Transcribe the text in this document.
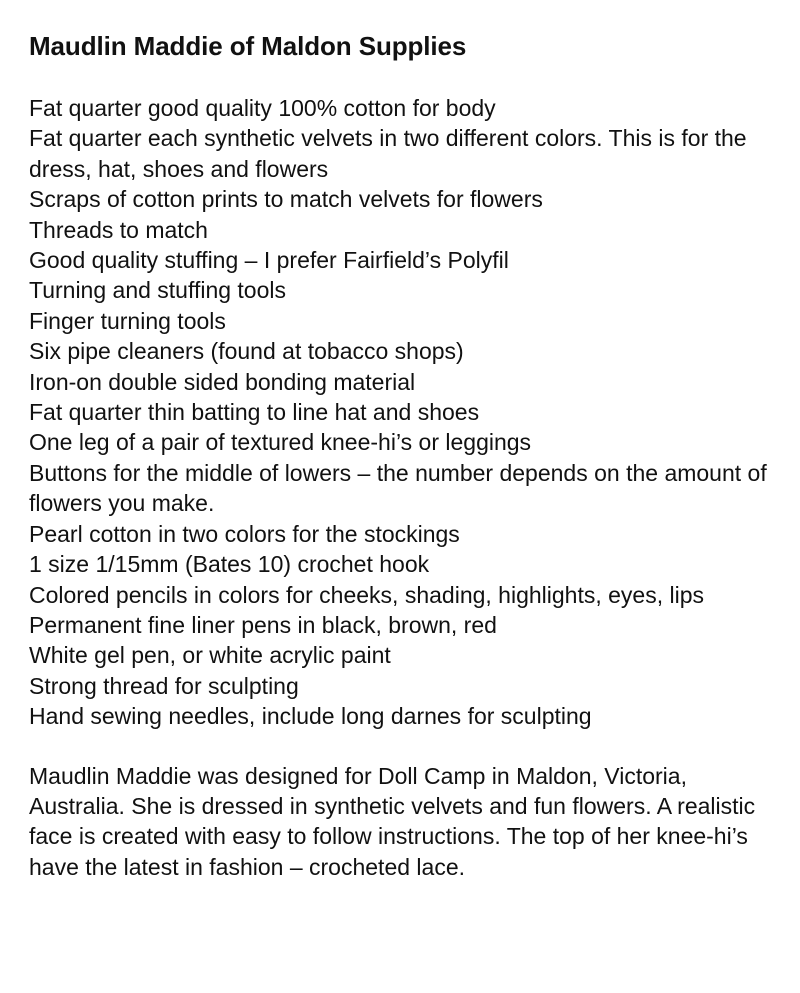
Maudlin Maddie of Maldon Supplies
Fat quarter good quality 100% cotton for body
Fat quarter each synthetic velvets in two different colors. This is for the dress, hat, shoes and flowers
Scraps of cotton prints to match velvets for flowers
Threads to match
Good quality stuffing – I prefer Fairfield’s Polyfil
Turning and stuffing tools
Finger turning tools
Six pipe cleaners (found at tobacco shops)
Iron-on double sided bonding material
Fat quarter thin batting to line hat and shoes
One leg of a pair of textured knee-hi’s or leggings
Buttons for the middle of lowers – the number depends on the amount of flowers you make.
Pearl cotton in two colors for the stockings
1 size 1/15mm (Bates 10) crochet hook
Colored pencils in colors for cheeks, shading, highlights, eyes, lips
Permanent fine liner pens in black, brown, red
White gel pen, or white acrylic paint
Strong thread for sculpting
Hand sewing needles, include long darnes for sculpting

Maudlin Maddie was designed for Doll Camp in Maldon, Victoria, Australia. She is dressed in synthetic velvets and fun flowers. A realistic face is created with easy to follow instructions. The top of her knee-hi’s have the latest in fashion – crocheted lace.
